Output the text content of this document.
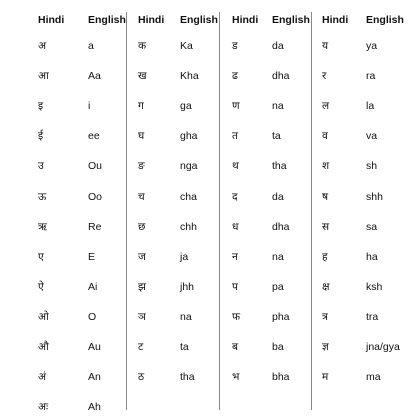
Hindi English
अ	a
आ	Aa
इ	i
ई	ee
उ	Ou
ऊ	Oo
ऋ	Re
ए	E
ऐ	Ai
ओ	O
औ	Au
अं	An
अः	Ah
Hindi English
क	Ka
ख	Kha
ग	ga
घ	gha
ङ	nga
च	cha
छ	chh
ज	ja
झ	jhh
ञ	na
ट	ta
ठ	tha
Hindi English
ड	da
ढ	dha
ण	na
त	ta
थ	tha
द	da
ध	dha
न	na
प	pa
फ	pha
ब	ba
भ	bha
Hindi English
य	ya
र	ra
ल	la
व	va
श	sh
ष	shh
स	sa
ह	ha
क्ष	ksh
त्र	tra
ज्ञ	jna/gya
म	ma
